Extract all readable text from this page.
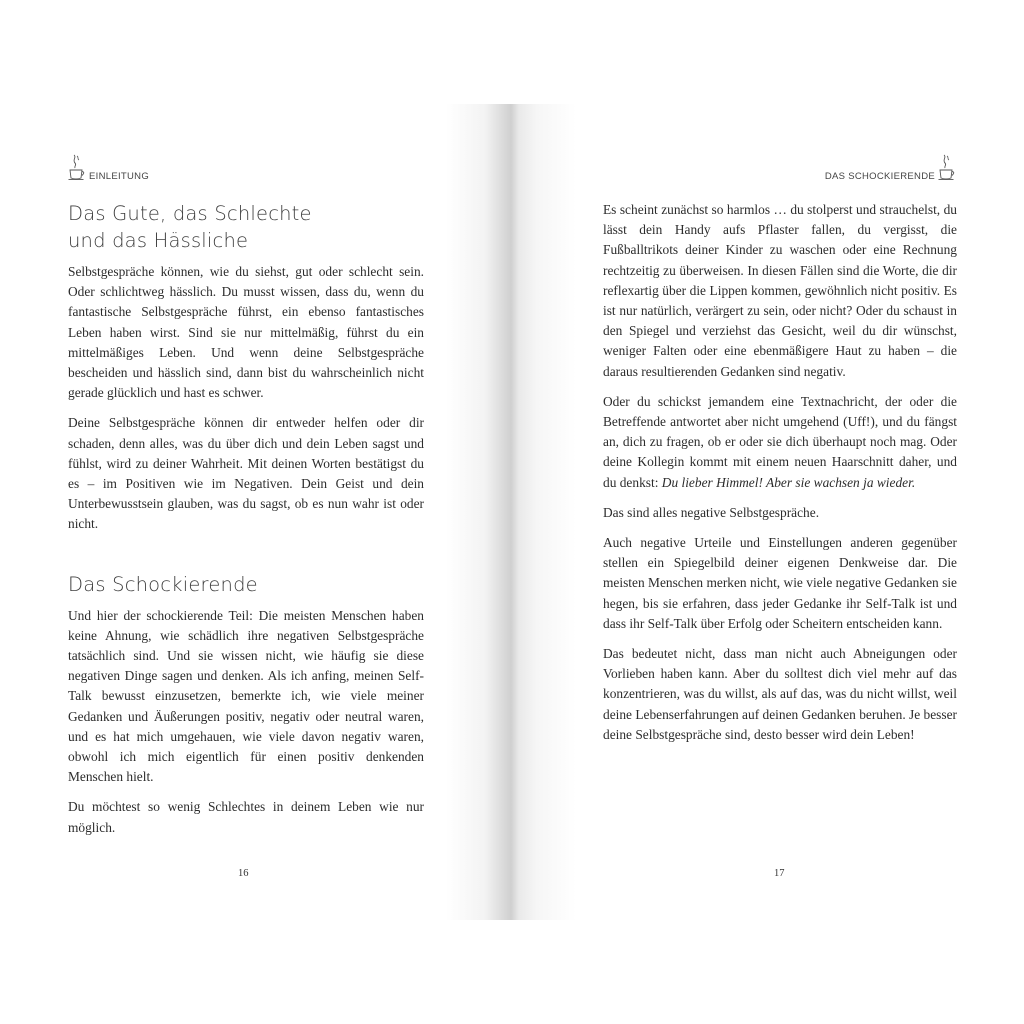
EINLEITUNG
Das Gute, das Schlechte
und das Hässliche

Selbstgespräche können, wie du siehst, gut oder schlecht sein. Oder schlichtweg hässlich. Du musst wissen, dass du, wenn du fantastische Selbstgespräche führst, ein ebenso fantastisches Leben haben wirst. Sind sie nur mittelmäßig, führst du ein mittelmäßiges Leben. Und wenn deine Selbstgespräche bescheiden und hässlich sind, dann bist du wahrscheinlich nicht gerade glücklich und hast es schwer.

Deine Selbstgespräche können dir entweder helfen oder dir schaden, denn alles, was du über dich und dein Leben sagst und fühlst, wird zu deiner Wahrheit. Mit deinen Worten bestätigst du es – im Positiven wie im Negativen. Dein Geist und dein Unterbewusstsein glauben, was du sagst, ob es nun wahr ist oder nicht.

Das Schockierende

Und hier der schockierende Teil: Die meisten Menschen haben keine Ahnung, wie schädlich ihre negativen Selbstgespräche tatsächlich sind. Und sie wissen nicht, wie häufig sie diese negativen Dinge sagen und denken. Als ich anfing, meinen Self-Talk bewusst einzusetzen, bemerkte ich, wie viele meiner Gedanken und Äußerungen positiv, negativ oder neutral waren, und es hat mich umgehauen, wie viele davon negativ waren, obwohl ich mich eigentlich für einen positiv denkenden Menschen hielt.

Du möchtest so wenig Schlechtes in deinem Leben wie nur möglich.

16
DAS SCHOCKIERENDE

Es scheint zunächst so harmlos … du stolperst und strauchelst, du lässt dein Handy aufs Pflaster fallen, du vergisst, die Fußballtrikots deiner Kinder zu waschen oder eine Rechnung rechtzeitig zu überweisen. In diesen Fällen sind die Worte, die dir reflexartig über die Lippen kommen, gewöhnlich nicht positiv. Es ist nur natürlich, verärgert zu sein, oder nicht? Oder du schaust in den Spiegel und verziehst das Gesicht, weil du dir wünschst, weniger Falten oder eine ebenmäßigere Haut zu haben – die daraus resultierenden Gedanken sind negativ.

Oder du schickst jemandem eine Textnachricht, der oder die Betreffende antwortet aber nicht umgehend (Uff!), und du fängst an, dich zu fragen, ob er oder sie dich überhaupt noch mag. Oder deine Kollegin kommt mit einem neuen Haarschnitt daher, und du denkst: Du lieber Himmel! Aber sie wachsen ja wieder.

Das sind alles negative Selbstgespräche.

Auch negative Urteile und Einstellungen anderen gegenüber stellen ein Spiegelbild deiner eigenen Denkweise dar. Die meisten Menschen merken nicht, wie viele negative Gedanken sie hegen, bis sie erfahren, dass jeder Gedanke ihr Self-Talk ist und dass ihr Self-Talk über Erfolg oder Scheitern entscheiden kann.

Das bedeutet nicht, dass man nicht auch Abneigungen oder Vorlieben haben kann. Aber du solltest dich viel mehr auf das konzentrieren, was du willst, als auf das, was du nicht willst, weil deine Lebenserfahrungen auf deinen Gedanken beruhen. Je besser deine Selbstgespräche sind, desto besser wird dein Leben!

17
